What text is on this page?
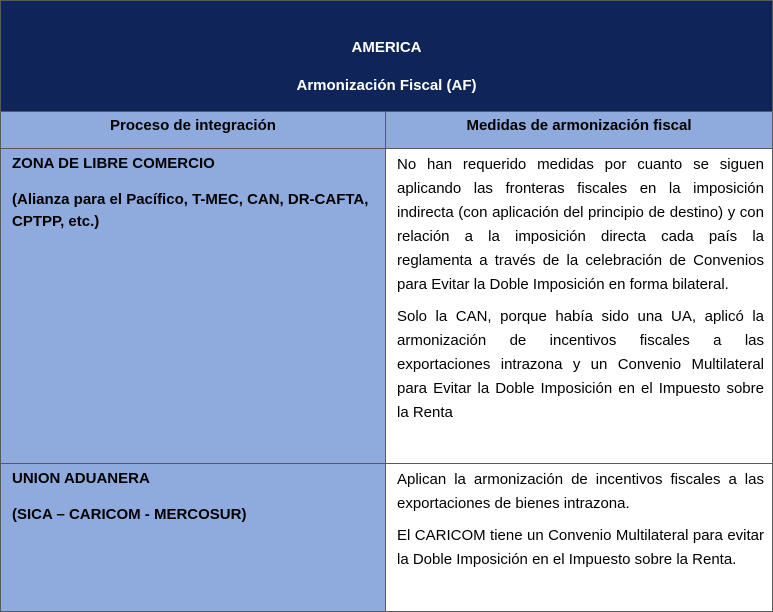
AMERICA
Armonización Fiscal (AF)
Proceso de integración	Medidas de armonización fiscal

ZONA DE LIBRE COMERCIO

(Alianza para el Pacífico, T-MEC, CAN, DR-CAFTA, CPTPP, etc.)

No han requerido medidas por cuanto se siguen aplicando las fronteras fiscales en la imposición indirecta (con aplicación del principio de destino) y con relación a la imposición directa cada país la reglamenta a través de la celebración de Convenios para Evitar la Doble Imposición en forma bilateral.

Solo la CAN, porque había sido una UA, aplicó la armonización de incentivos fiscales a las exportaciones intrazona y un Convenio Multilateral para Evitar la Doble Imposición en el Impuesto sobre la Renta

UNION ADUANERA

(SICA – CARICOM - MERCOSUR)

Aplican la armonización de incentivos fiscales a las exportaciones de bienes intrazona.

El CARICOM tiene un Convenio Multilateral para evitar la Doble Imposición en el Impuesto sobre la Renta.
